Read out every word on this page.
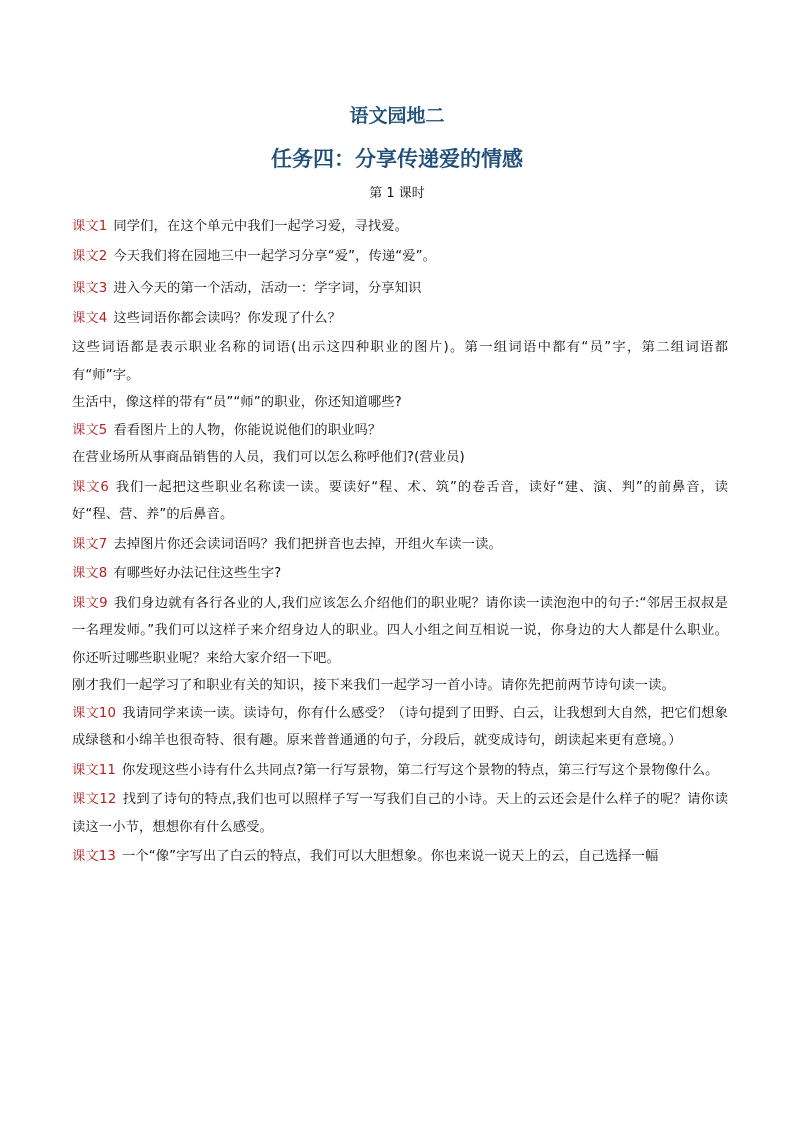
语文园地二
任务四：分享传递爱的情感
第 1 课时

课文1 同学们，在这个单元中我们一起学习爱，寻找爱。

课文2 今天我们将在园地三中一起学习分享“爱”，传递“爱”。

课文3 进入今天的第一个活动，活动一：学字词，分享知识

课文4 这些词语你都会读吗？你发现了什么？

这些词语都是表示职业名称的词语(出示这四种职业的图片)。第一组词语中都有“员”字，第二组词语都有“师”字。

生活中，像这样的带有“员”“师”的职业，你还知道哪些?

课文5 看看图片上的人物，你能说说他们的职业吗？

在营业场所从事商品销售的人员，我们可以怎么称呼他们?(营业员)

课文6 我们一起把这些职业名称读一读。要读好“程、术、筑”的卷舌音，读好“建、演、判”的前鼻音，读好“程、营、养”的后鼻音。

课文7 去掉图片你还会读词语吗？我们把拼音也去掉，开组火车读一读。

课文8 有哪些好办法记住这些生字?

课文9 我们身边就有各行各业的人,我们应该怎么介绍他们的职业呢？请你读一读泡泡中的句子:“邻居王叔叔是一名理发师。”我们可以这样子来介绍身边人的职业。四人小组之间互相说一说，你身边的大人都是什么职业。你还听过哪些职业呢？来给大家介绍一下吧。

刚才我们一起学习了和职业有关的知识，接下来我们一起学习一首小诗。请你先把前两节诗句读一读。

课文10 我请同学来读一读。读诗句，你有什么感受？（诗句提到了田野、白云，让我想到大自然，把它们想象成绿毯和小绵羊也很奇特、很有趣。原来普普通通的句子，分段后，就变成诗句，朗读起来更有意境。）

课文11 你发现这些小诗有什么共同点?第一行写景物，第二行写这个景物的特点，第三行写这个景物像什么。

课文12 找到了诗句的特点,我们也可以照样子写一写我们自己的小诗。天上的云还会是什么样子的呢？请你读读这一小节，想想你有什么感受。

课文13 一个“像”字写出了白云的特点，我们可以大胆想象。你也来说一说天上的云，自己选择一幅
